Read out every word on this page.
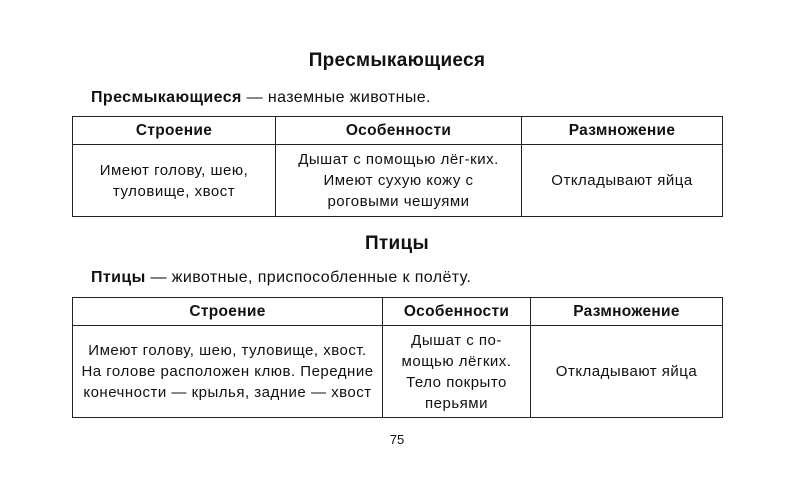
Пресмыкающиеся
Пресмыкающиеся — наземные животные.
Строение	Особенности	Размножение
Имеют голову, шею, туловище, хвост	Дышат с помощью лёг-ких. Имеют сухую кожу с роговыми чешуями	Откладывают яйца
Птицы
Птицы — животные, приспособленные к полёту.
Строение	Особенности	Размножение
Имеют голову, шею, туловище, хвост. На голове расположен клюв. Передние конечности — крылья, задние — хвост	Дышат с по-мощью лёгких. Тело покрыто перьями	Откладывают яйца
75
